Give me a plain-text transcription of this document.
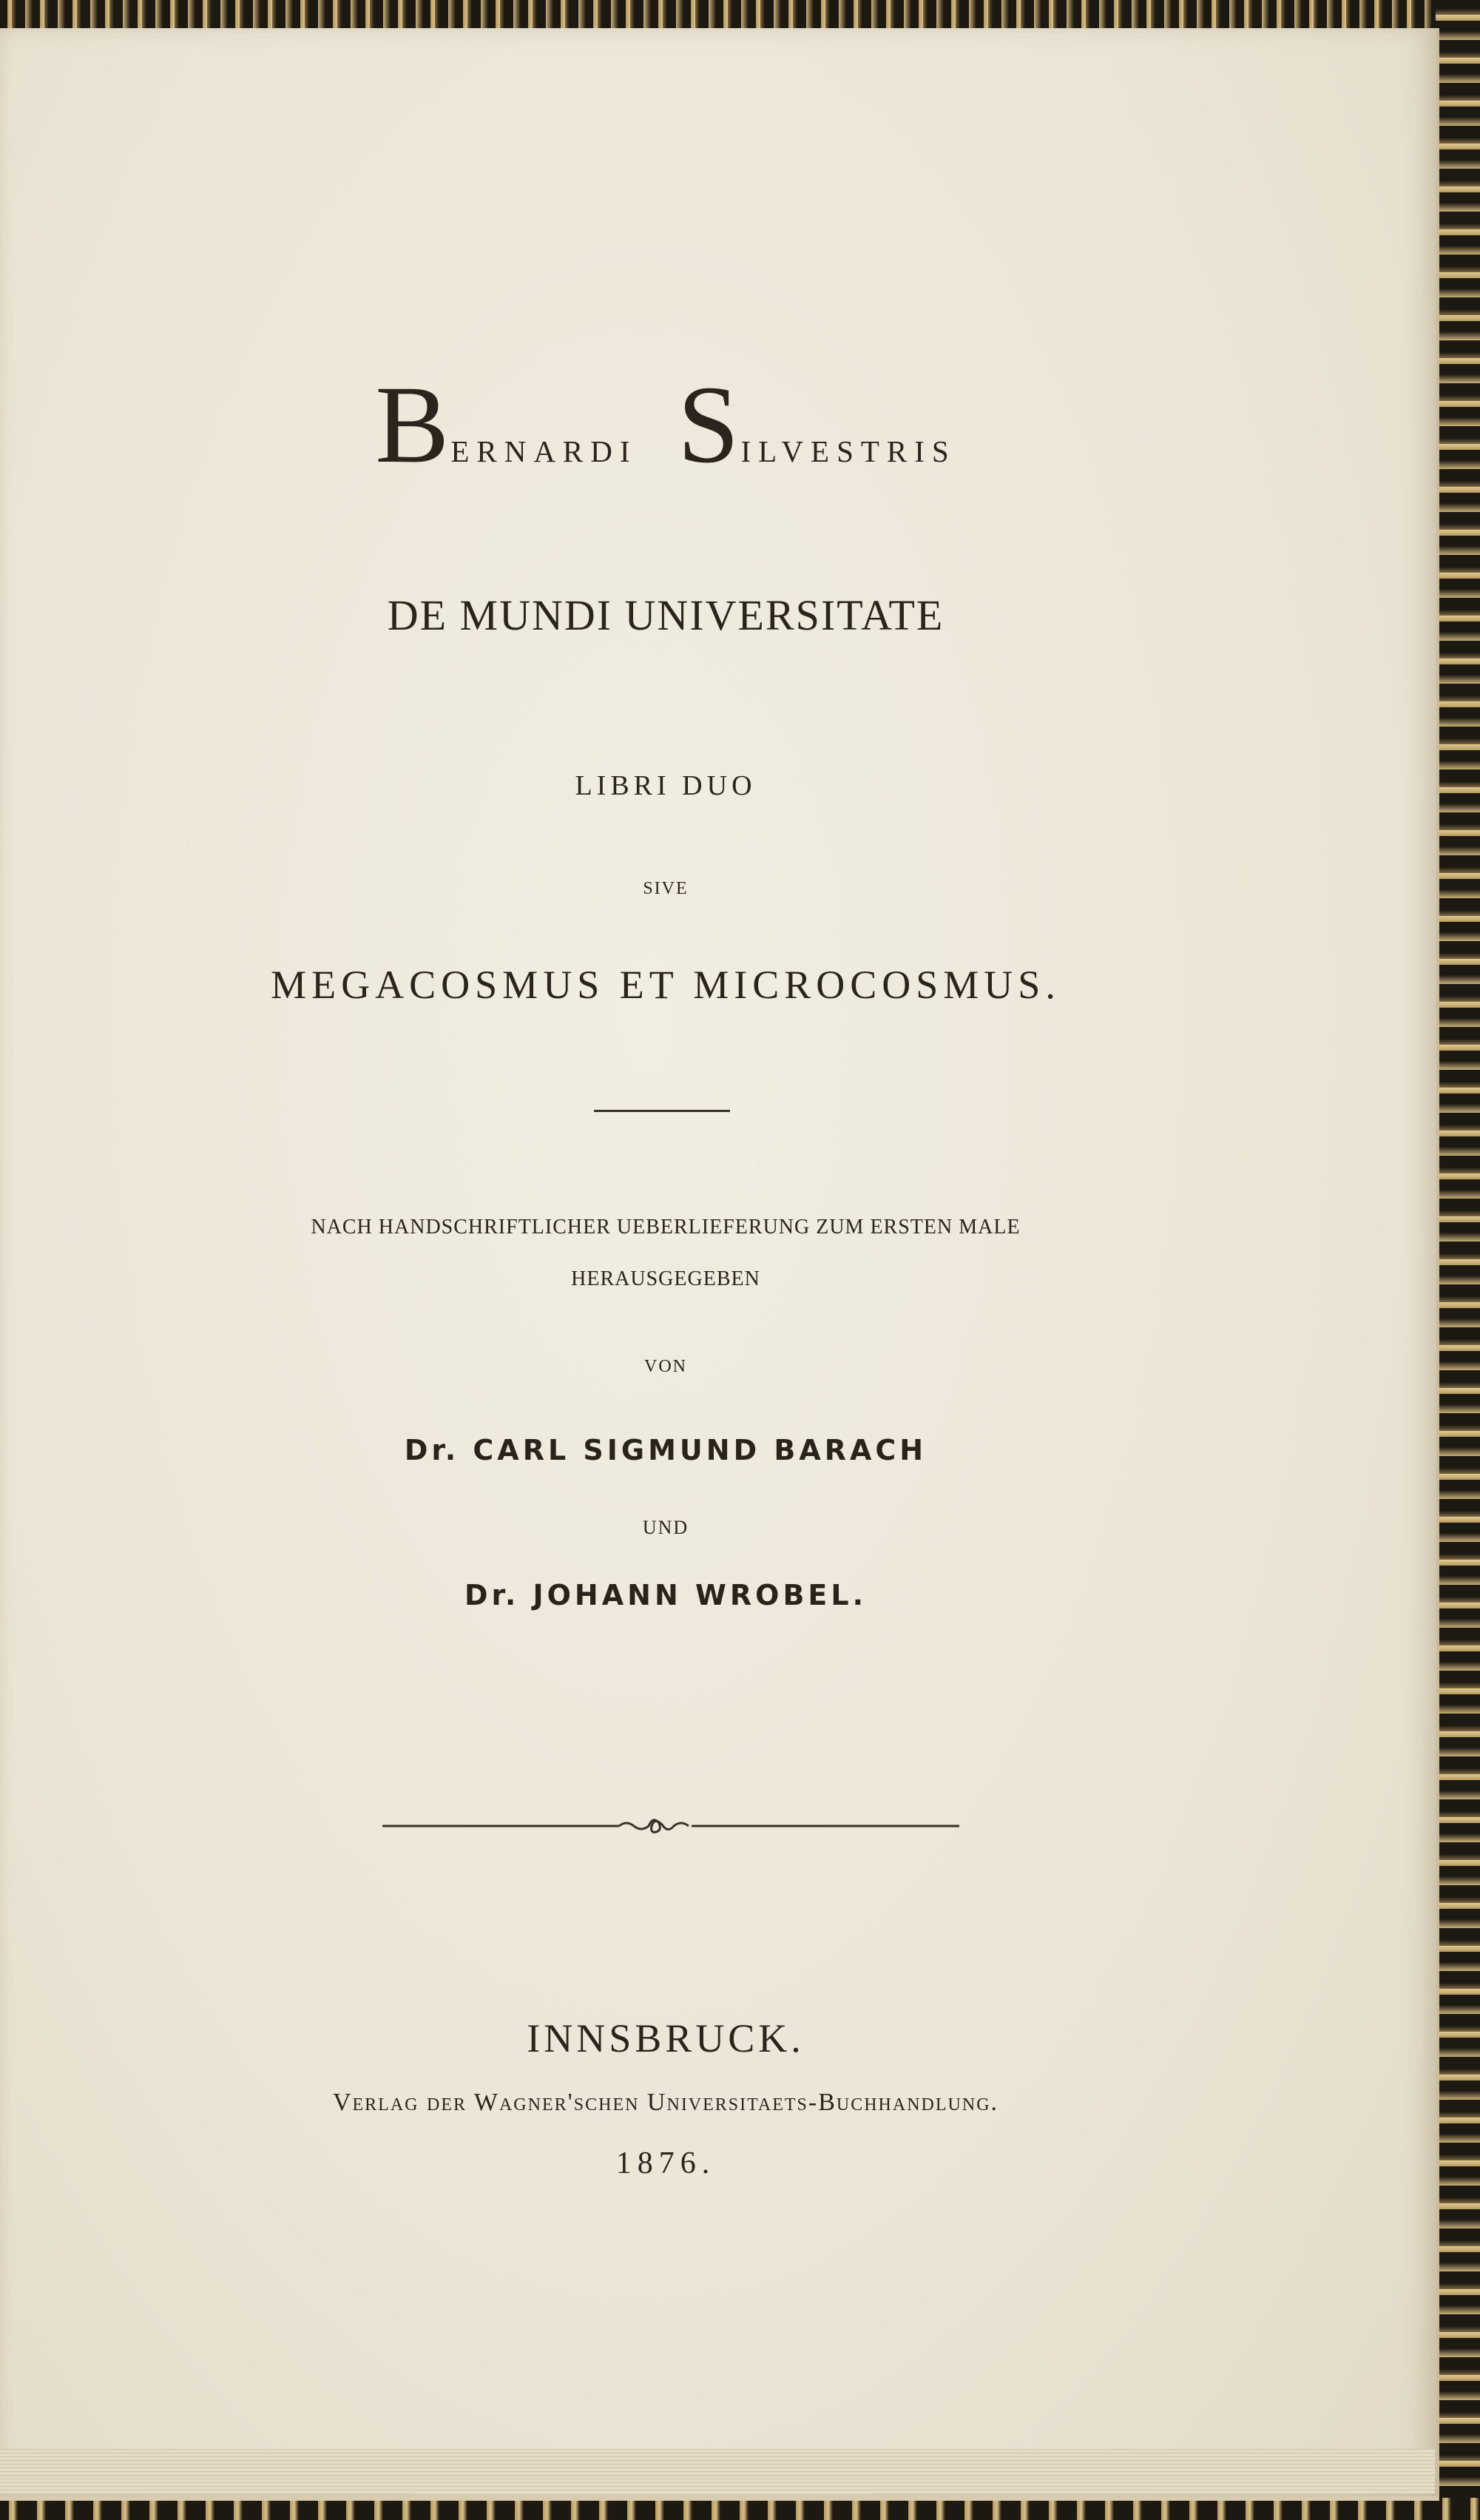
Bernardi Silvestris
DE MUNDI UNIVERSITATE
LIBRI DUO
SIVE
MEGACOSMUS ET MICROCOSMUS.
NACH HANDSCHRIFTLICHER UEBERLIEFERUNG ZUM ERSTEN MALE
HERAUSGEGEBEN
VON
Dr. CARL SIGMUND BARACH
UND
Dr. JOHANN WROBEL.
INNSBRUCK.
Verlag der Wagner'schen Universitaets-Buchhandlung.
1876.
